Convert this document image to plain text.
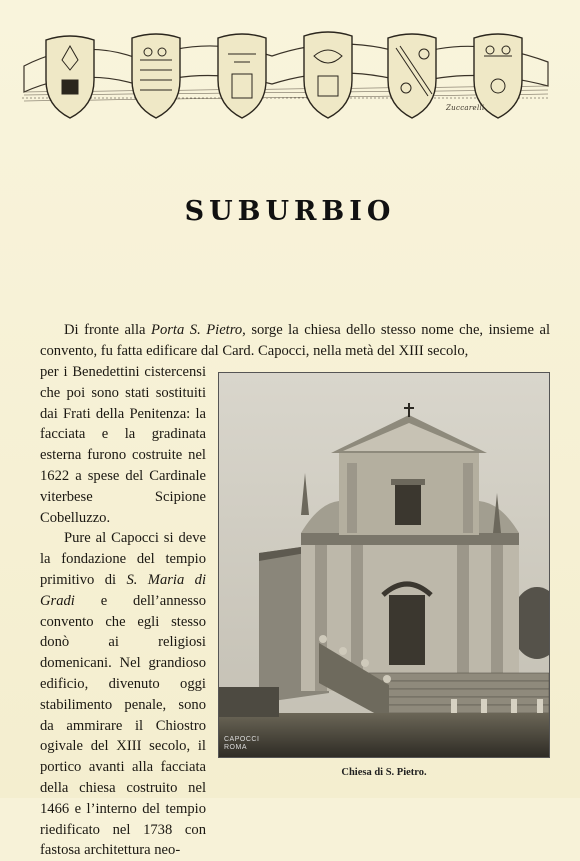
Zuccarelli
SUBURBIO

Di fronte alla Porta S. Pietro, sorge la chiesa dello stesso nome che, insieme al convento, fu fatta edificare dal Card. Capocci, nella metà del XIII secolo,

per i Benedettini cistercensi che poi sono stati sostituiti dai Frati della Penitenza: la facciata e la gradinata esterna furono costruite nel 1622 a spese del Cardinale viterbese Scipione Cobelluzzo.

Pure al Capocci si deve la fondazione del tempio primitivo di S. Maria di Gradi e dell’annesso convento che egli stesso donò ai religiosi domenicani. Nel grandioso edificio, divenuto oggi stabilimento penale, sono da ammirare il Chiostro ogivale del XIII secolo, il portico avanti alla facciata della chiesa costruito nel 1466 e l’interno del tempio riedificato nel 1738 con fastosa architettura neo-

CAPOCCI
ROMA
Chiesa di S. Pietro.
